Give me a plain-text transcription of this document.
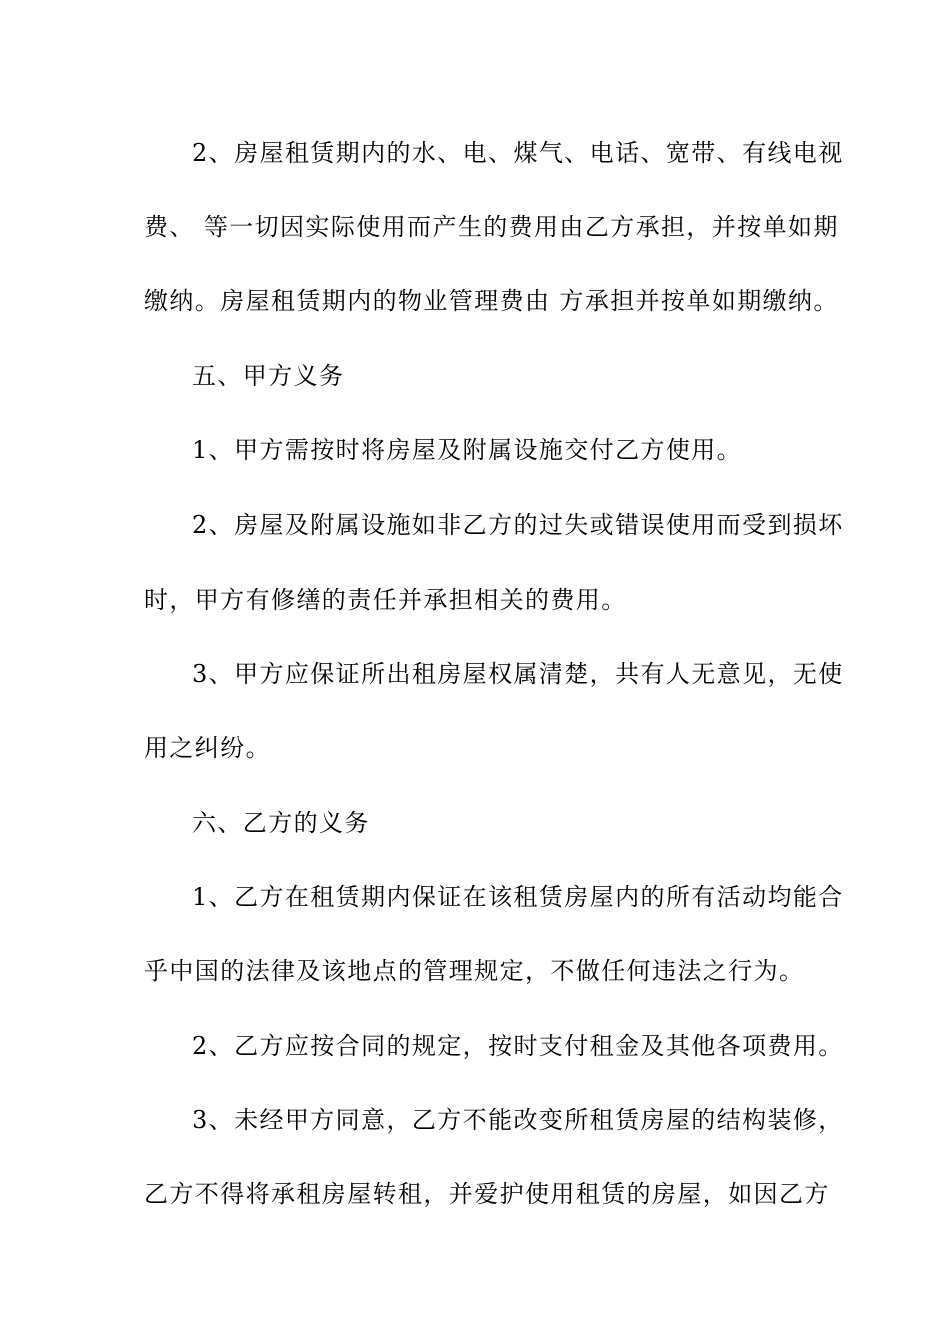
2、房屋租赁期内的水、电、煤气、电话、宽带、有线电视
费、 等一切因实际使用而产生的费用由乙方承担，并按单如期
缴纳。房屋租赁期内的物业管理费由 方承担并按单如期缴纳。
五、甲方义务
1、甲方需按时将房屋及附属设施交付乙方使用。
2、房屋及附属设施如非乙方的过失或错误使用而受到损坏
时，甲方有修缮的责任并承担相关的费用。
3、甲方应保证所出租房屋权属清楚，共有人无意见，无使
用之纠纷。
六、乙方的义务
1、乙方在租赁期内保证在该租赁房屋内的所有活动均能合
乎中国的法律及该地点的管理规定，不做任何违法之行为。
2、乙方应按合同的规定，按时支付租金及其他各项费用。
3、未经甲方同意，乙方不能改变所租赁房屋的结构装修，
乙方不得将承租房屋转租，并爱护使用租赁的房屋，如因乙方
